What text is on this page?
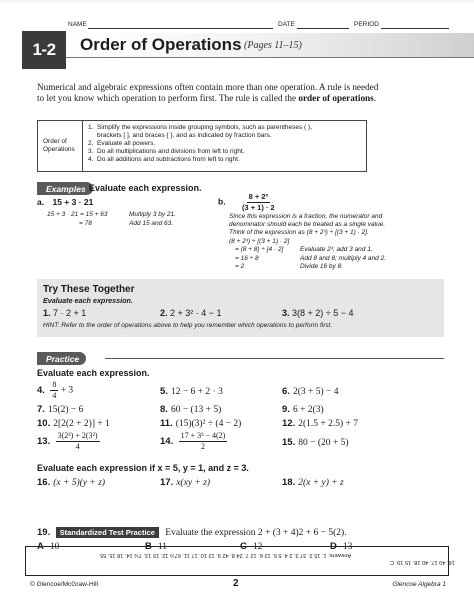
NAME	DATE	PERIOD
1-2	Order of Operations (Pages 11–15)

Numerical and algebraic expressions often contain more than one operation. A rule is needed to let you know which operation to perform first. The rule is called the order of operations.

Order of
Operations
1.  Simplify the expressions inside grouping symbols, such as parentheses ( ),
brackets [ ], and braces { }, and as indicated by fraction bars.
2.  Evaluate all powers.
3.  Do all multiplications and divisions from left to right.
4.  Do all additions and subtractions from left to right.
Examples Evaluate each expression.
a. 15 + 3 · 21
15 + 3 · 21 = 15 + 63	Multiply 3 by 21.
= 78	Add 15 and 63.
b. $\frac{\text{8 + 2³}}{(3 + 1) \cdot 2}$
Since this expression is a fraction, the numerator and
denominator should each be treated as a single value.
Think of the expression as (8 + 2³) ÷ [(3 + 1) · 2].
(8 + 2³) ÷ [(3 + 1) · 2]
= (8 + 8) ÷ [4 · 2]	Evaluate 2³; add 3 and 1.
= 16 ÷ 8	Add 8 and 8; multiply 4 and 2.
= 2	Divide 16 by 8.
Try These Together
Evaluate each expression.
1. 7 · 2 + 1	2. 2 + 3² · 4 − 1	3. 3(8 + 2) ÷ 5 − 4
HINT: Refer to the order of operations above to help you remember which operations to perform first.
Practice
Evaluate each expression.
4. $\frac{8}{4} + 3$	5. 12 − 6 + 2 · 3	6. 2(3 + 5) − 4
7. 15(2) − 6	8. 60 − (13 + 5)	9. 6 + 2(3)
10. 2[2(2 + 2)] + 1	11. (15)(3)² ÷ (4 − 2)	12. 2(1.5 + 2.5) + 7
13. $\frac{\text{3(2²) + 2(3²)}}{4}$	14. $\frac{\text{17 + 3³ − 4(2)}}{2}$	15. 80 − (20 + 5)
Evaluate each expression if x = 5, y = 1, and z = 3.
16. (x + 5)(y + z)	17. x(xy + z)	18. 2(x + y) + z
19. Standardized Test Practice Evaluate the expression 2 + (3 + 4)2 + 6 − 5(2).
A 10	B 11	C 12	D 13
Answers: 1. 15 2. 37 3. 2 4. 5 5. 12 6. 12 7. 24 8. 42 9. 12 10. 17 11. 67½ 12. 15 13. 7½ 14. 18 15. 55
16. 40 17. 40 18. 15 19. C
© Glencoe/McGraw-Hill	2	Glencoe Algebra 1
